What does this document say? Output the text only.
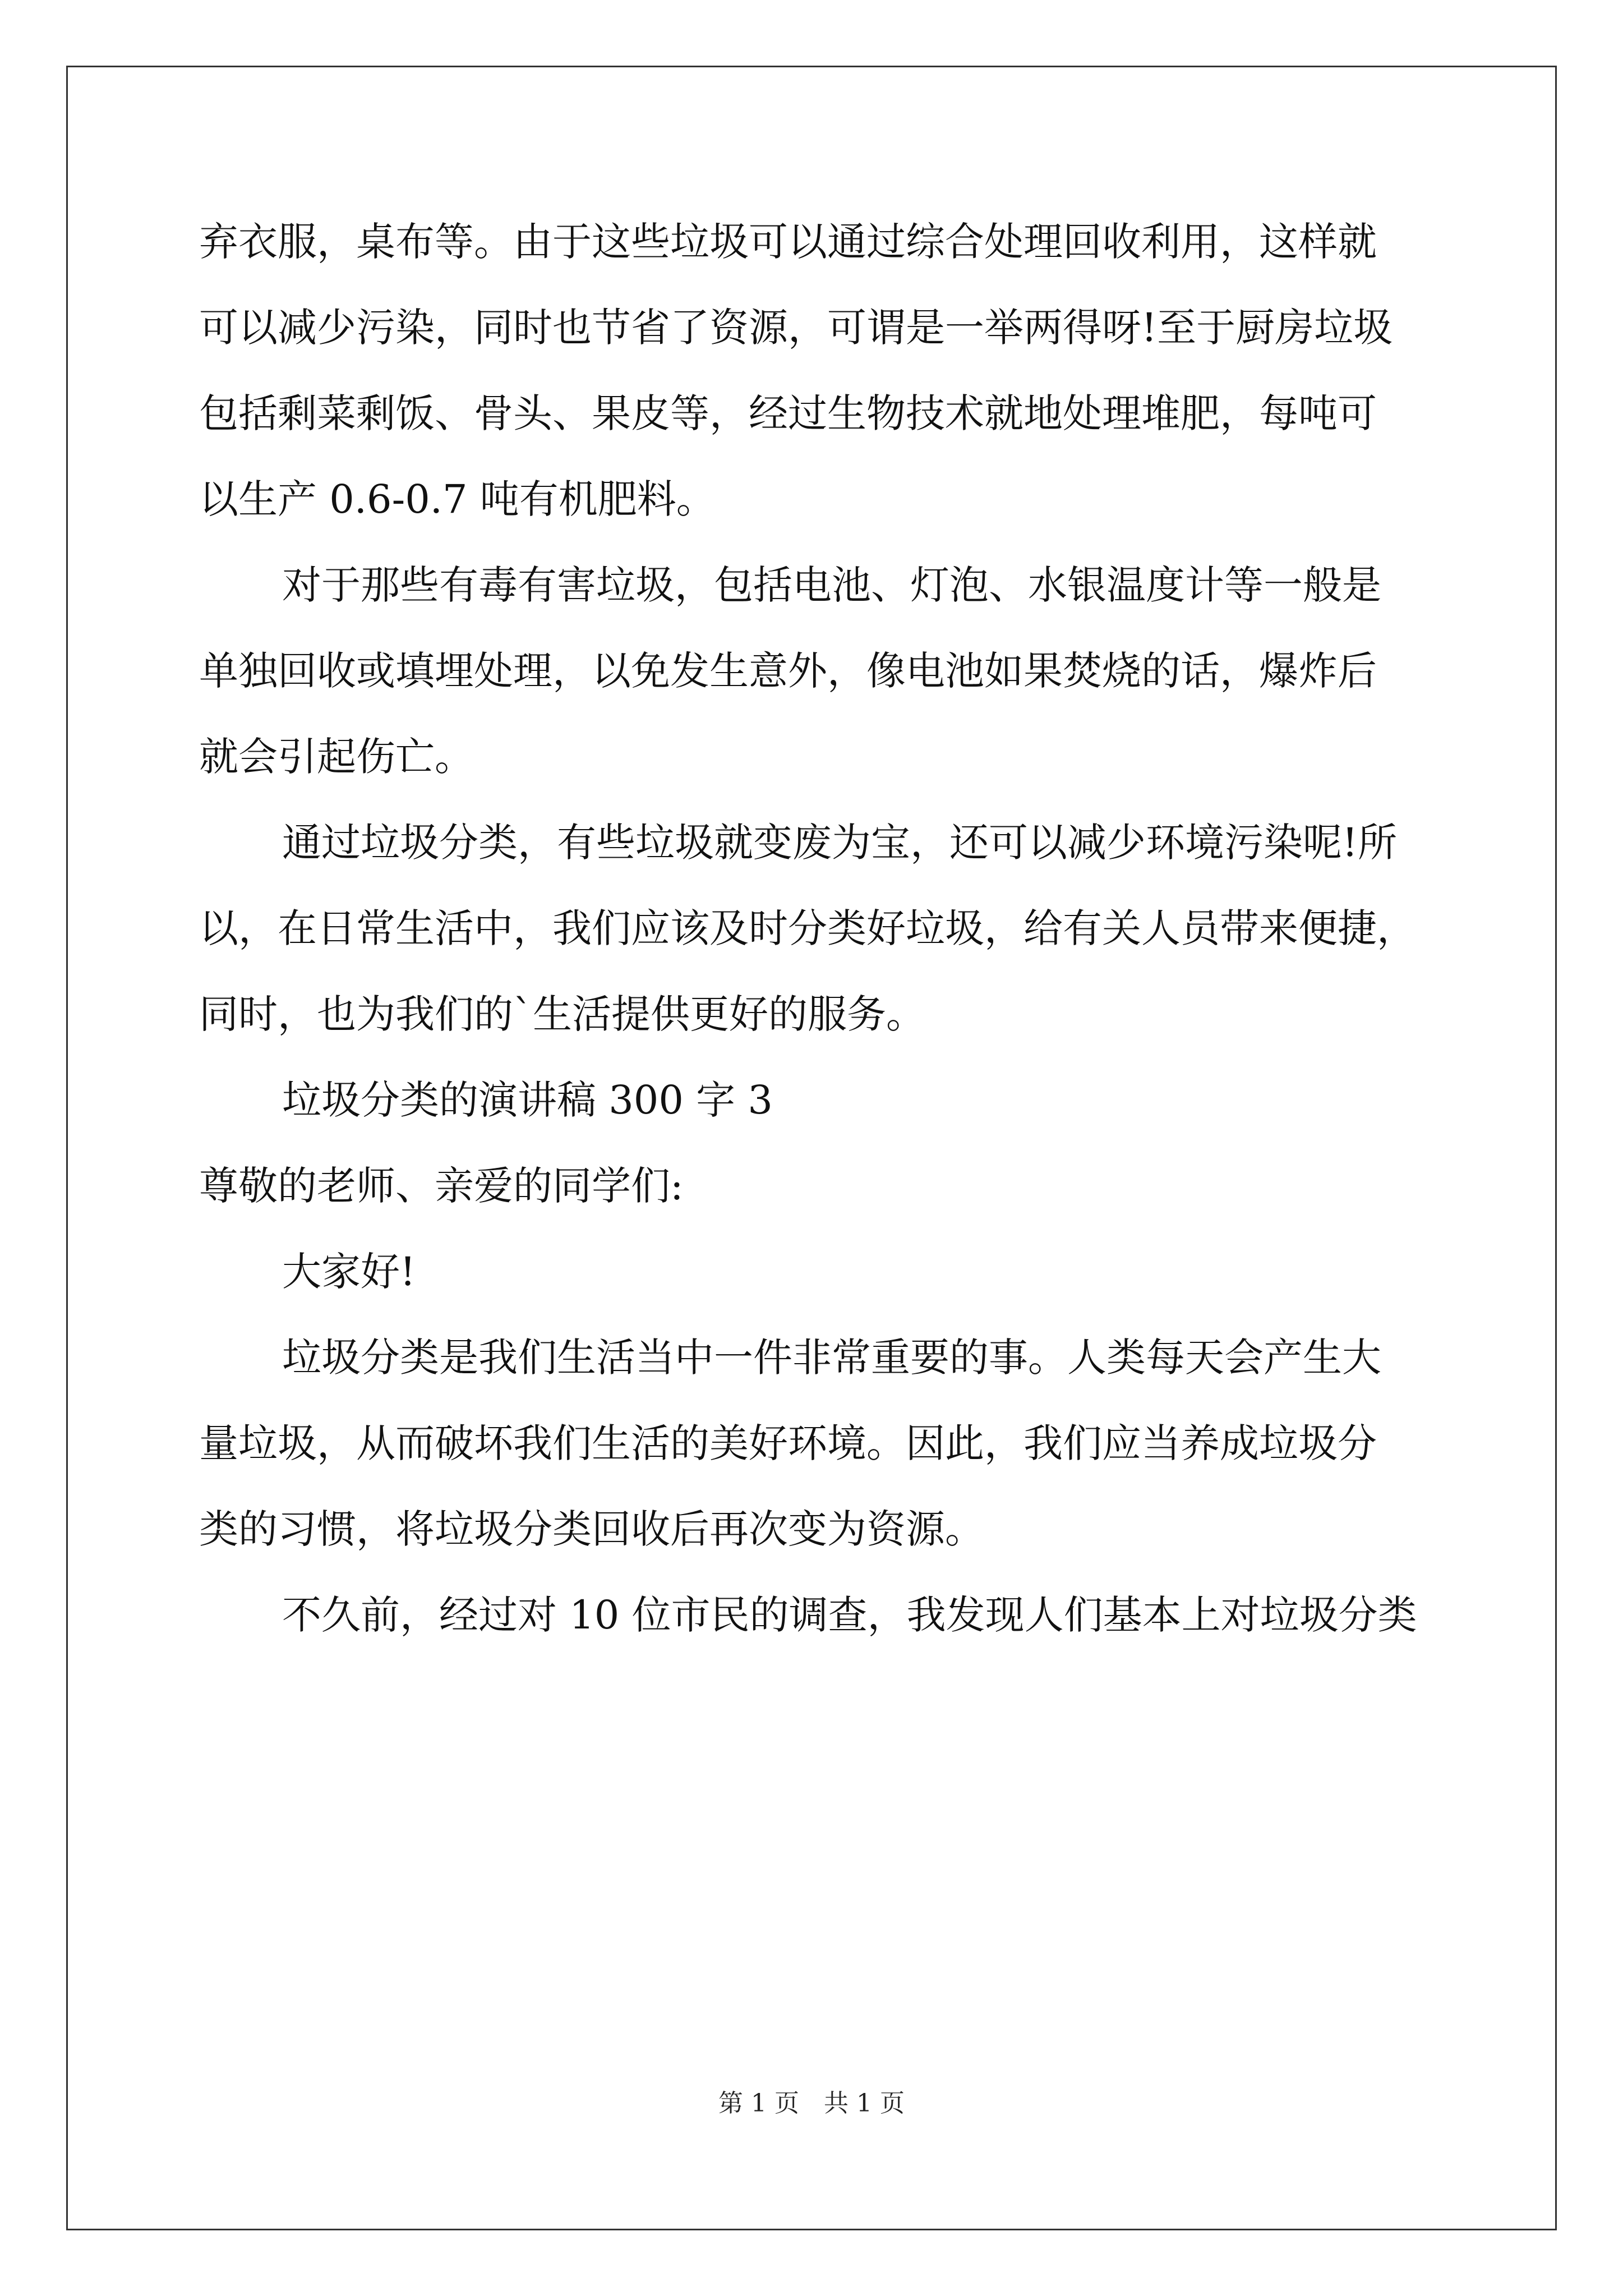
弃衣服，桌布等。由于这些垃圾可以通过综合处理回收利用，这样就
可以减少污染，同时也节省了资源，可谓是一举两得呀!至于厨房垃圾
包括剩菜剩饭、骨头、果皮等，经过生物技术就地处理堆肥，每吨可
以生产 0.6-0.7 吨有机肥料。
对于那些有毒有害垃圾，包括电池、灯泡、水银温度计等一般是
单独回收或填埋处理，以免发生意外，像电池如果焚烧的话，爆炸后
就会引起伤亡。
通过垃圾分类，有些垃圾就变废为宝，还可以减少环境污染呢!所
以，在日常生活中，我们应该及时分类好垃圾，给有关人员带来便捷，
同时，也为我们的`生活提供更好的服务。
垃圾分类的演讲稿 300 字 3
尊敬的老师、亲爱的同学们:
大家好!
垃圾分类是我们生活当中一件非常重要的事。人类每天会产生大
量垃圾，从而破坏我们生活的美好环境。因此，我们应当养成垃圾分
类的习惯，将垃圾分类回收后再次变为资源。
不久前，经过对 10 位市民的调查，我发现人们基本上对垃圾分类
第 1 页　共 1 页
